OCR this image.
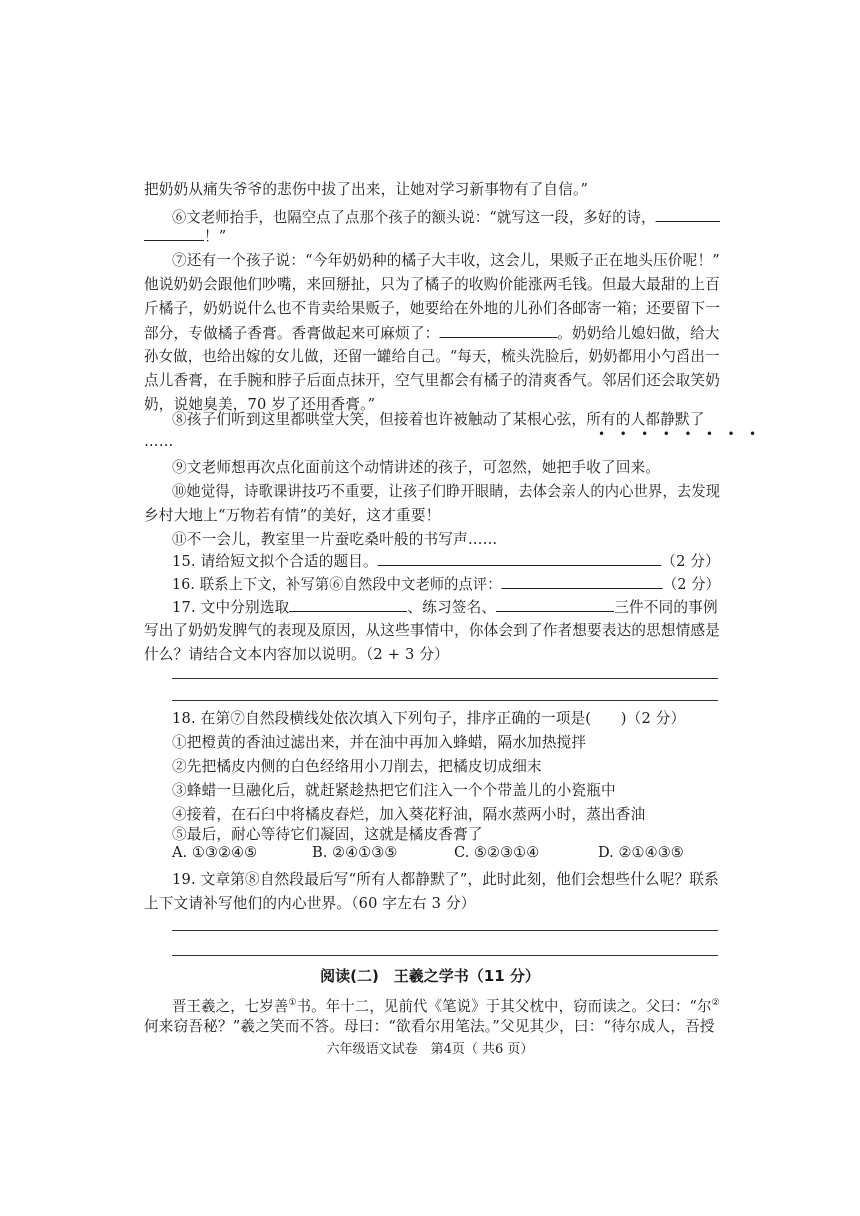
把奶奶从痛失爷爷的悲伤中拔了出来，让她对学习新事物有了自信。”
⑥文老师抬手，也隔空点了点那个孩子的额头说：“就写这一段，多好的诗，
！”
⑦还有一个孩子说：“今年奶奶种的橘子大丰收，这会儿，果贩子正在地头压价呢！”
他说奶奶会跟他们吵嘴，来回掰扯，只为了橘子的收购价能涨两毛钱。但最大最甜的上百
斤橘子，奶奶说什么也不肯卖给果贩子，她要给在外地的儿孙们各邮寄一箱；还要留下一
部分，专做橘子香膏。香膏做起来可麻烦了：	。奶奶给儿媳妇做，给大
孙女做，也给出嫁的女儿做，还留一罐给自己。“每天，梳头洗脸后，奶奶都用小勺舀出一
点儿香膏，在手腕和脖子后面点抹开，空气里都会有橘子的清爽香气。邻居们还会取笑奶
奶，说她臭美，70 岁了还用香膏。”
⑧孩子们听到这里都哄堂大笑，但接着也许被触动了某根心弦，所有的人都静默了
••••••••
……
⑨文老师想再次点化面前这个动情讲述的孩子，可忽然，她把手收了回来。
⑩她觉得，诗歌课讲技巧不重要，让孩子们睁开眼睛，去体会亲人的内心世界，去发现
乡村大地上“万物若有情”的美好，这才重要！
⑪不一会儿，教室里一片蚕吃桑叶般的书写声……
15. 请给短文拟个合适的题目。	（2 分）
16. 联系上下文，补写第⑥自然段中文老师的点评：	（2 分）
17. 文中分别选取	、练习签名、	三件不同的事例
写出了奶奶发脾气的表现及原因，从这些事情中，你体会到了作者想要表达的思想情感是
什么？请结合文本内容加以说明。（2 + 3 分）
18. 在第⑦自然段横线处依次填入下列句子，排序正确的一项是(　　)（2 分）
①把橙黄的香油过滤出来，并在油中再加入蜂蜡，隔水加热搅拌
②先把橘皮内侧的白色经络用小刀削去，把橘皮切成细末
③蜂蜡一旦融化后，就赶紧趁热把它们注入一个个带盖儿的小瓷瓶中
④接着，在石臼中将橘皮舂烂，加入葵花籽油，隔水蒸两小时，蒸出香油
⑤最后，耐心等待它们凝固，这就是橘皮香膏了
A. ①③②④⑤	B. ②④①③⑤	C. ⑤②③①④	D. ②①④③⑤
19. 文章第⑧自然段最后写“所有人都静默了”，此时此刻，他们会想些什么呢？联系
上下文请补写他们的内心世界。（60 字左右 3 分）
阅读(二)　王羲之学书（11 分）
晋王羲之，七岁善①书。年十二，见前代《笔说》于其父枕中，窃而读之。父曰：“尔②
何来窃吾秘？”羲之笑而不答。母曰：“欲看尔用笔法。”父见其少，曰：“待尔成人，吾授
六年级语文试卷　第4页（ 共6 页）
